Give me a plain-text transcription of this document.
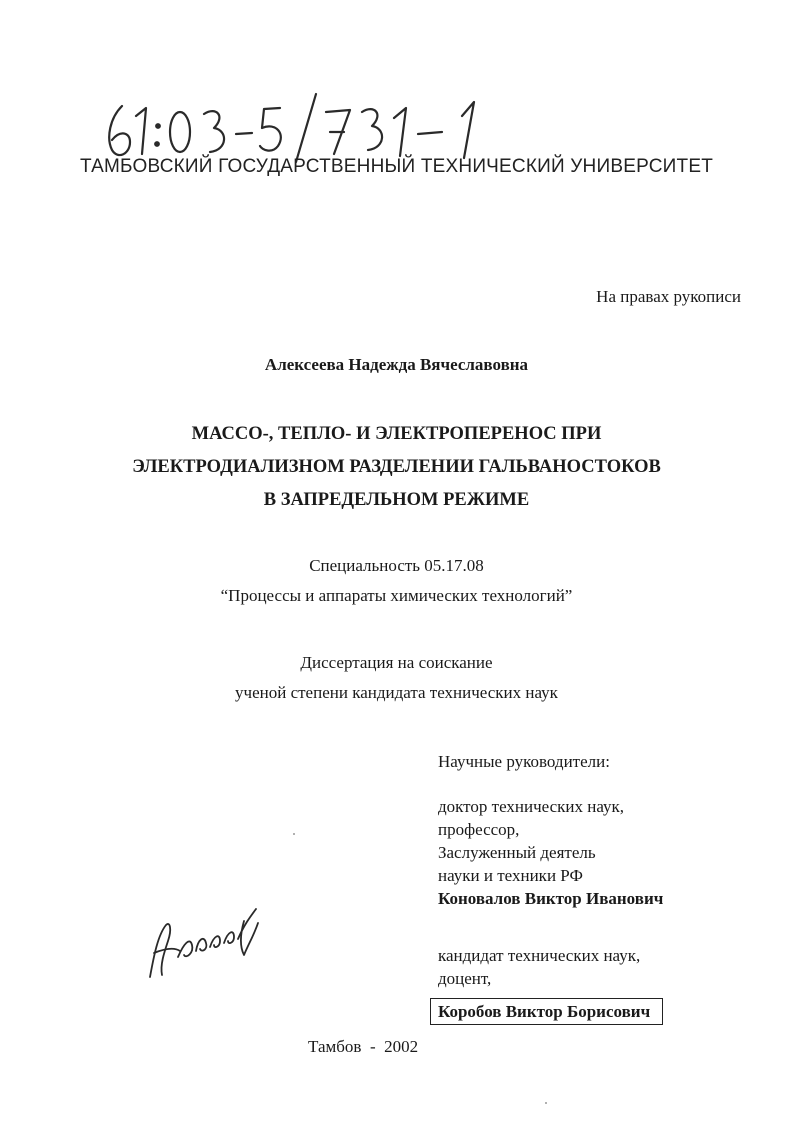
ТАМБОВСКИЙ ГОСУДАРСТВЕННЫЙ ТЕХНИЧЕСКИЙ УНИВЕРСИТЕТ
На правах рукописи
Алексеева Надежда Вячеславовна
МАССО-, ТЕПЛО- И ЭЛЕКТРОПЕРЕНОС ПРИ
ЭЛЕКТРОДИАЛИЗНОМ РАЗДЕЛЕНИИ ГАЛЬВАНОСТОКОВ
В ЗАПРЕДЕЛЬНОМ РЕЖИМЕ
Специальность 05.17.08
“Процессы и аппараты химических технологий”
Диссертация на соискание
ученой степени кандидата технических наук
Научные руководители:
доктор технических наук,
профессор,
Заслуженный деятель
науки и техники РФ
Коновалов Виктор Иванович
кандидат технических наук,
доцент,
Коробов Виктор Борисович
Тамбов - 2002
